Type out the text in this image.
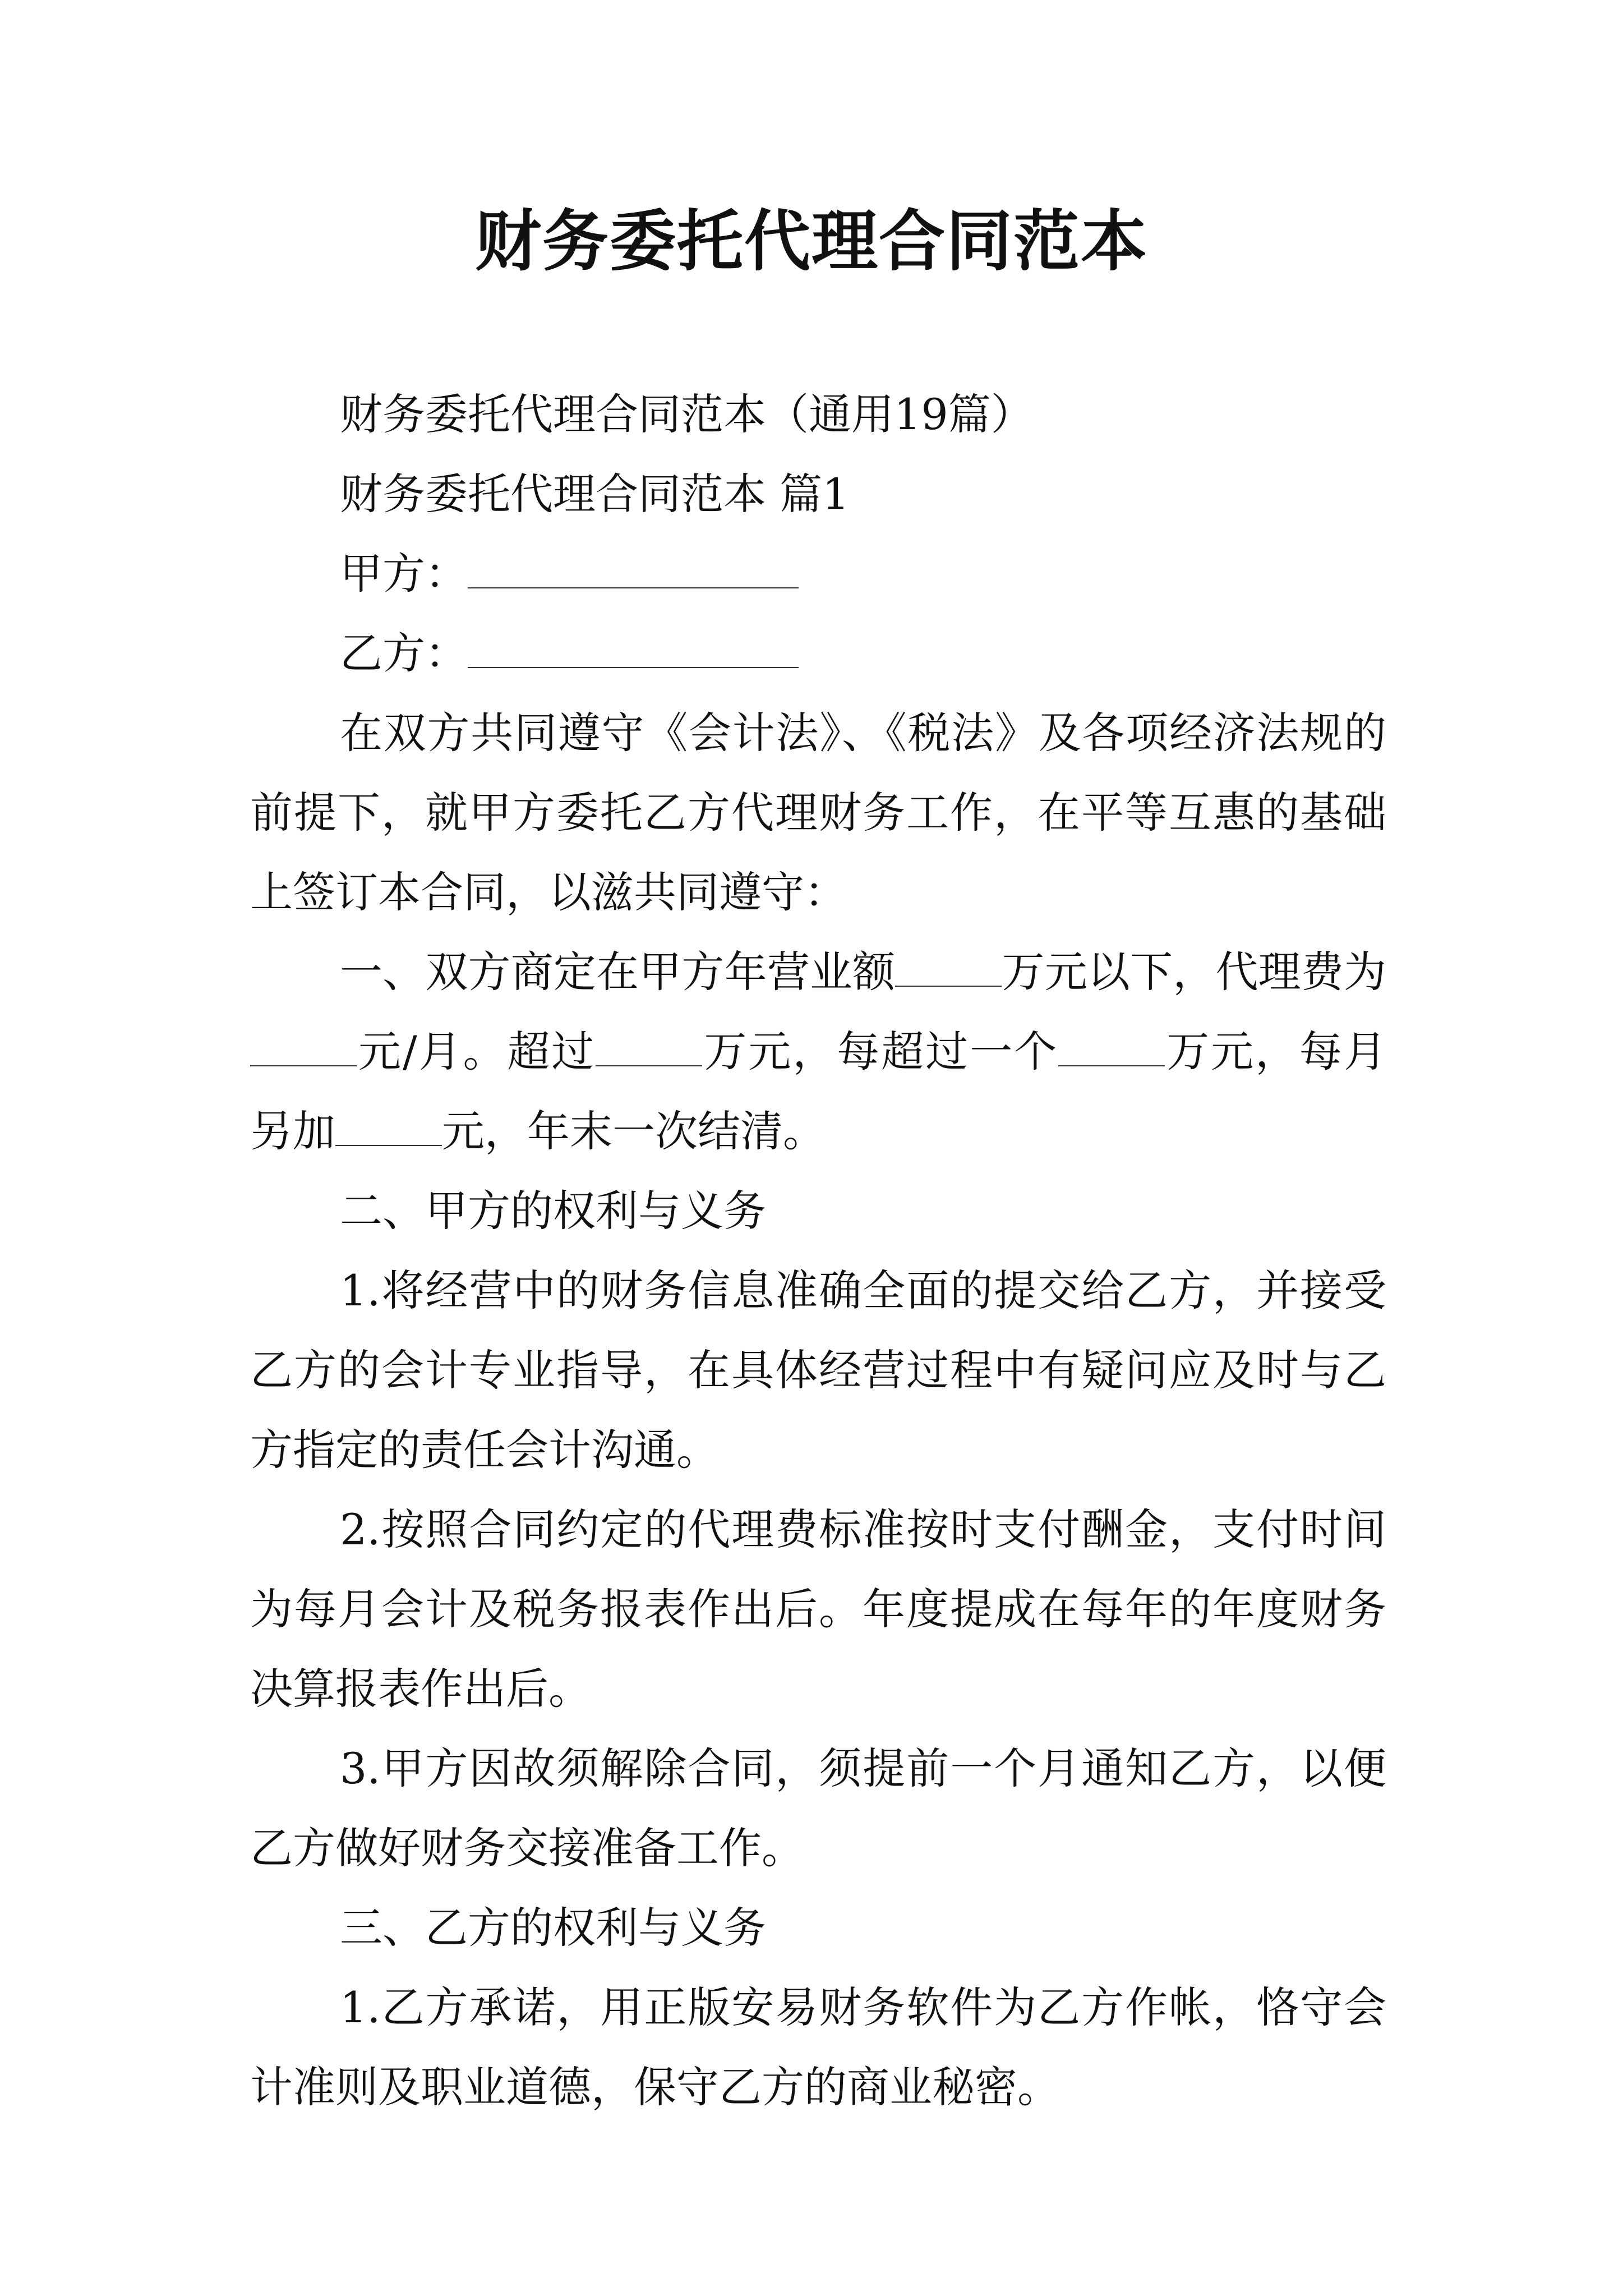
财务委托代理合同范本

财务委托代理合同范本（通用19篇）

财务委托代理合同范本 篇1

甲方：

乙方：

在双方共同遵守《会计法》、《税法》及各项经济法规的前提下，就甲方委托乙方代理财务工作，在平等互惠的基础上签订本合同，以滋共同遵守：

一、双方商定在甲方年营业额	万元以下，代理费为元/月。超过	万元，每超过一个	万元，每月另加	元，年末一次结清。

二、甲方的权利与义务

1.将经营中的财务信息准确全面的提交给乙方，并接受乙方的会计专业指导，在具体经营过程中有疑问应及时与乙方指定的责任会计沟通。

2.按照合同约定的代理费标准按时支付酬金，支付时间为每月会计及税务报表作出后。年度提成在每年的年度财务决算报表作出后。

3.甲方因故须解除合同，须提前一个月通知乙方，以便乙方做好财务交接准备工作。

三、乙方的权利与义务

1.乙方承诺，用正版安易财务软件为乙方作帐，恪守会计准则及职业道德，保守乙方的商业秘密。
